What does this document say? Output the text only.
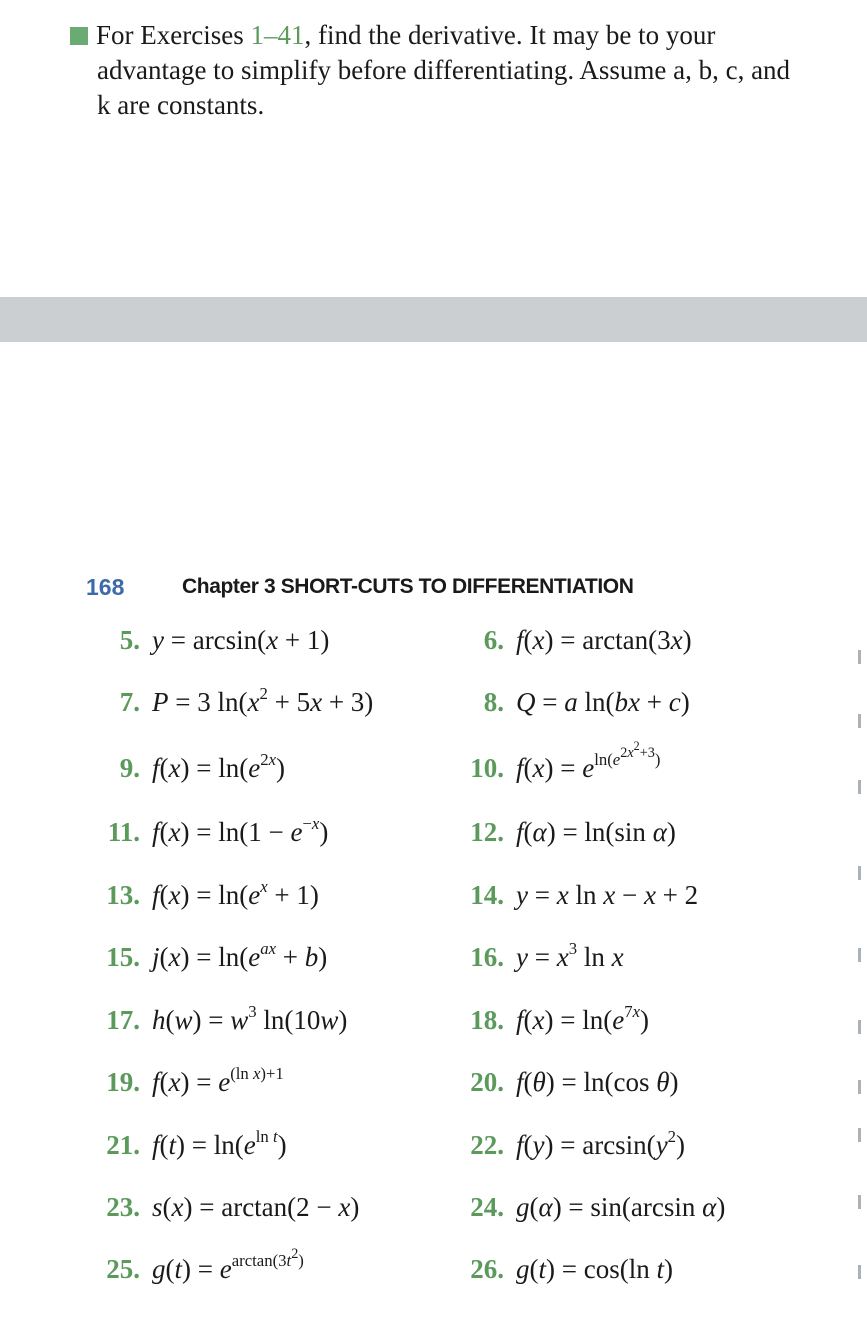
For Exercises 1–41, find the derivative. It may be to your advantage to simplify before differentiating. Assume a, b, c, and k are constants.
168	Chapter 3 SHORT-CUTS TO DIFFERENTIATION
5. y = arcsin(x + 1)	6. f(x) = arctan(3x)
7. P = 3 $\ln(x^2 + 5x + 3)$	8. Q = a ln(bx + c)
9. $f(x) = \ln(e^{2x})$	10. $f(x) = e^{ln(e^{2x^2+3})}$
11. $f(x) = \ln(1 - e^{-x})$	12. f(α) = ln(sin α)
13. $f(x) = \ln(e^x + 1)$	14. y = x ln x − x + 2
15. $j(x) = \ln(e^{ax} + b)$	16. $y = x^3$ ln x
17. $h(w) = w^3$ ln(10w)	18. $f(x) = \ln(e^{7x})$
19. $f(x) = e^{(ln x)+1}$	20. f(θ) = ln(cos θ)
21. $f(t) = \ln(e^{ln t})$	22. $f(y) = \arcsin(y^2)$
23. s(x) = arctan(2 − x)	24. g(α) = sin(arcsin α)
25. $g(t) = e^{arctan(3t^2)}$	26. g(t) = cos(ln t)
